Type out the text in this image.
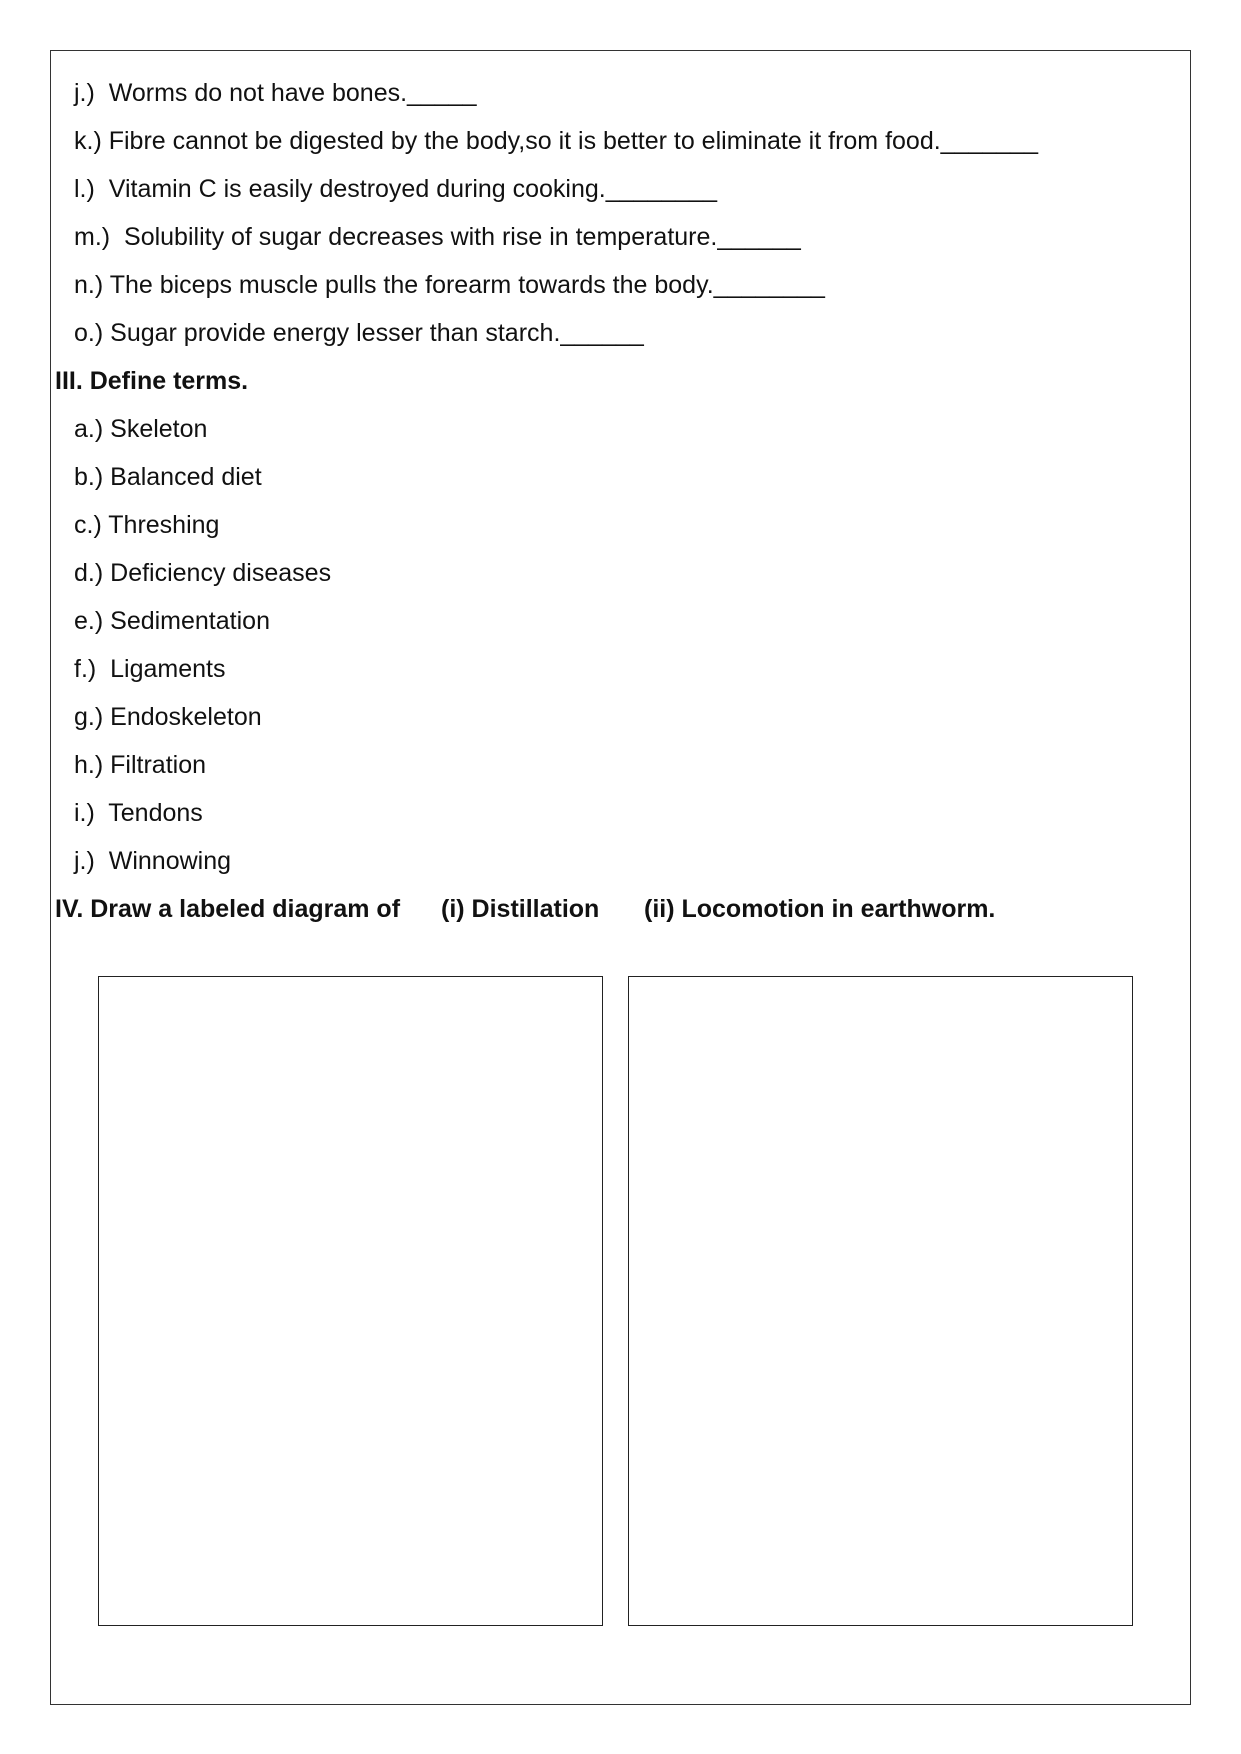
j.) Worms do not have bones._____
k.) Fibre cannot be digested by the body,so it is better to eliminate it from food._______
l.) Vitamin C is easily destroyed during cooking.________
m.) Solubility of sugar decreases with rise in temperature.______
n.) The biceps muscle pulls the forearm towards the body.________
o.) Sugar provide energy lesser than starch.______
III. Define terms.
a.) Skeleton
b.) Balanced diet
c.) Threshing
d.) Deficiency diseases
e.) Sedimentation
f.) Ligaments
g.) Endoskeleton
h.) Filtration
i.) Tendons
j.) Winnowing

IV. Draw a labeled diagram of

(i) Distillation

(ii) Locomotion in earthworm.
